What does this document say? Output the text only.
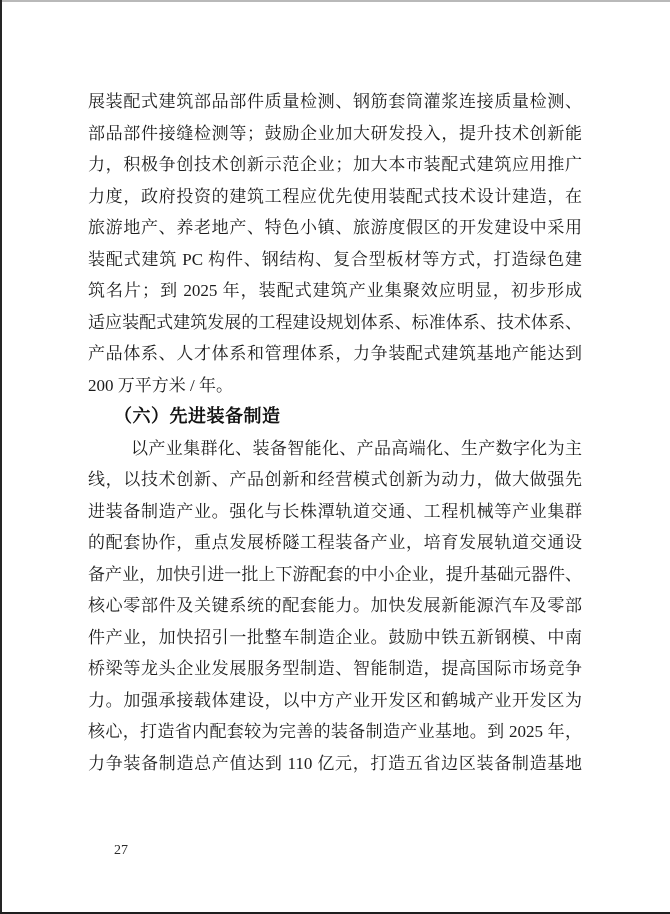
展装配式建筑部品部件质量检测、钢筋套筒灌浆连接质量检测、
部品部件接缝检测等；鼓励企业加大研发投入，提升技术创新能
力，积极争创技术创新示范企业；加大本市装配式建筑应用推广
力度，政府投资的建筑工程应优先使用装配式技术设计建造，在
旅游地产、养老地产、特色小镇、旅游度假区的开发建设中采用
装配式建筑 PC 构件、钢结构、复合型板材等方式，打造绿色建
筑名片；到 2025 年，装配式建筑产业集聚效应明显，初步形成
适应装配式建筑发展的工程建设规划体系、标准体系、技术体系、
产品体系、人才体系和管理体系，力争装配式建筑基地产能达到
200 万平方米 / 年。
（六）先进装备制造
以产业集群化、装备智能化、产品高端化、生产数字化为主
线，以技术创新、产品创新和经营模式创新为动力，做大做强先
进装备制造产业。强化与长株潭轨道交通、工程机械等产业集群
的配套协作，重点发展桥隧工程装备产业，培育发展轨道交通设
备产业，加快引进一批上下游配套的中小企业，提升基础元器件、
核心零部件及关键系统的配套能力。加快发展新能源汽车及零部
件产业，加快招引一批整车制造企业。鼓励中铁五新钢模、中南
桥梁等龙头企业发展服务型制造、智能制造，提高国际市场竞争
力。加强承接载体建设，以中方产业开发区和鹤城产业开发区为
核心，打造省内配套较为完善的装备制造产业基地。到 2025 年，
力争装备制造总产值达到 110 亿元，打造五省边区装备制造基地
27
